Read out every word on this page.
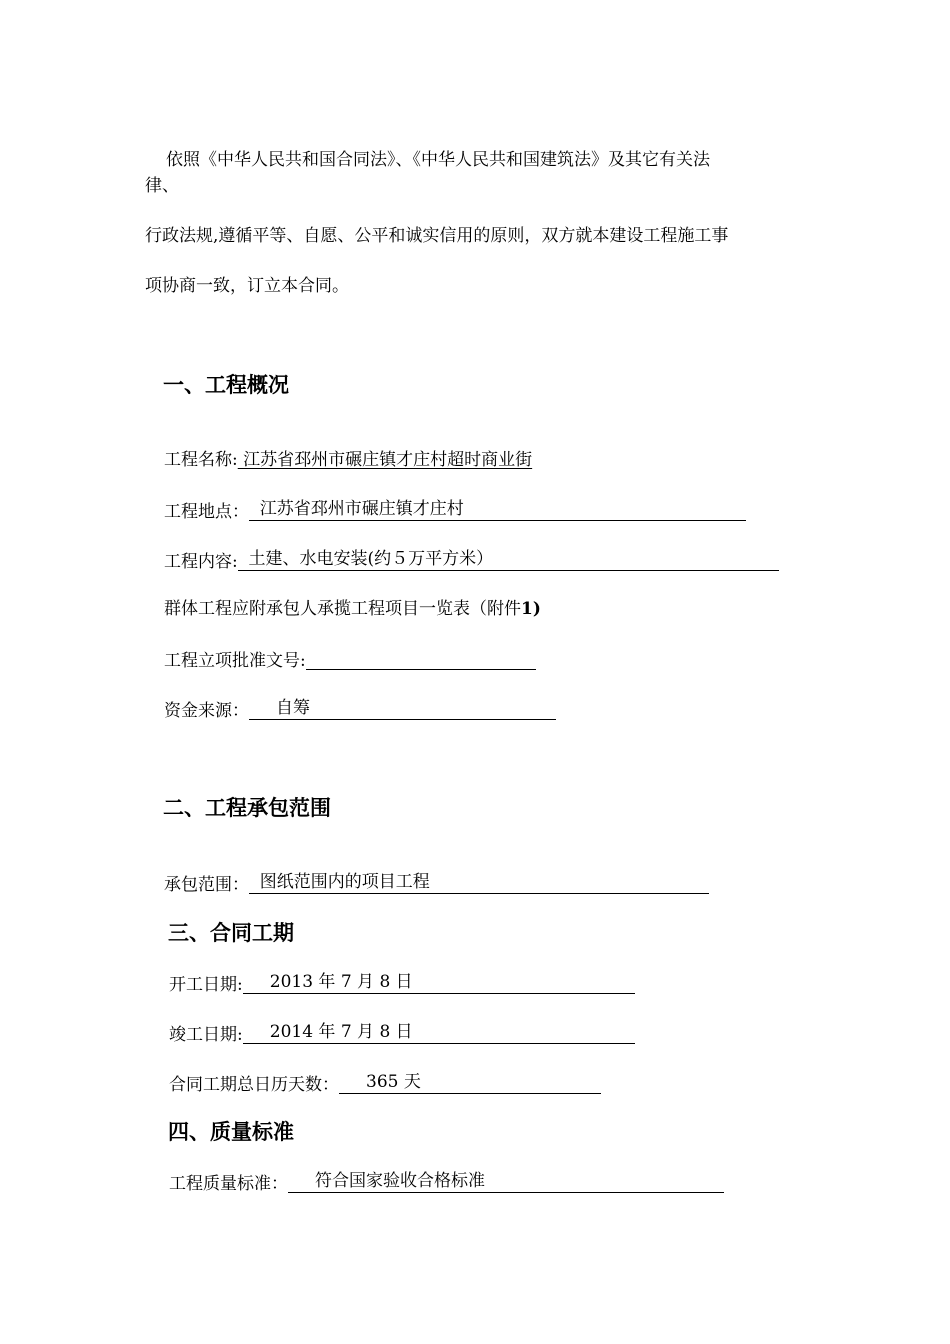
依照《中华人民共和国合同法》、《中华人民共和国建筑法》及其它有关法
律、
行政法规,遵循平等、自愿、公平和诚实信用的原则，双方就本建设工程施工事
项协商一致，订立本合同。
一、工程概况
工程名称: 江苏省邳州市碾庄镇才庄村超时商业街
工程地点： 江苏省邳州市碾庄镇才庄村
工程内容: 土建、水电安装(约５万平方米）
群体工程应附承包人承揽工程项目一览表（附件1)
工程立项批准文号:
资金来源： 自筹
二、工程承包范围
承包范围： 图纸范围内的项目工程
三、合同工期
开工日期: 2013 年 7 月 8 日
竣工日期: 2014 年 7 月 8 日
合同工期总日历天数： 365 天
四、质量标准
工程质量标准： 符合国家验收合格标准
